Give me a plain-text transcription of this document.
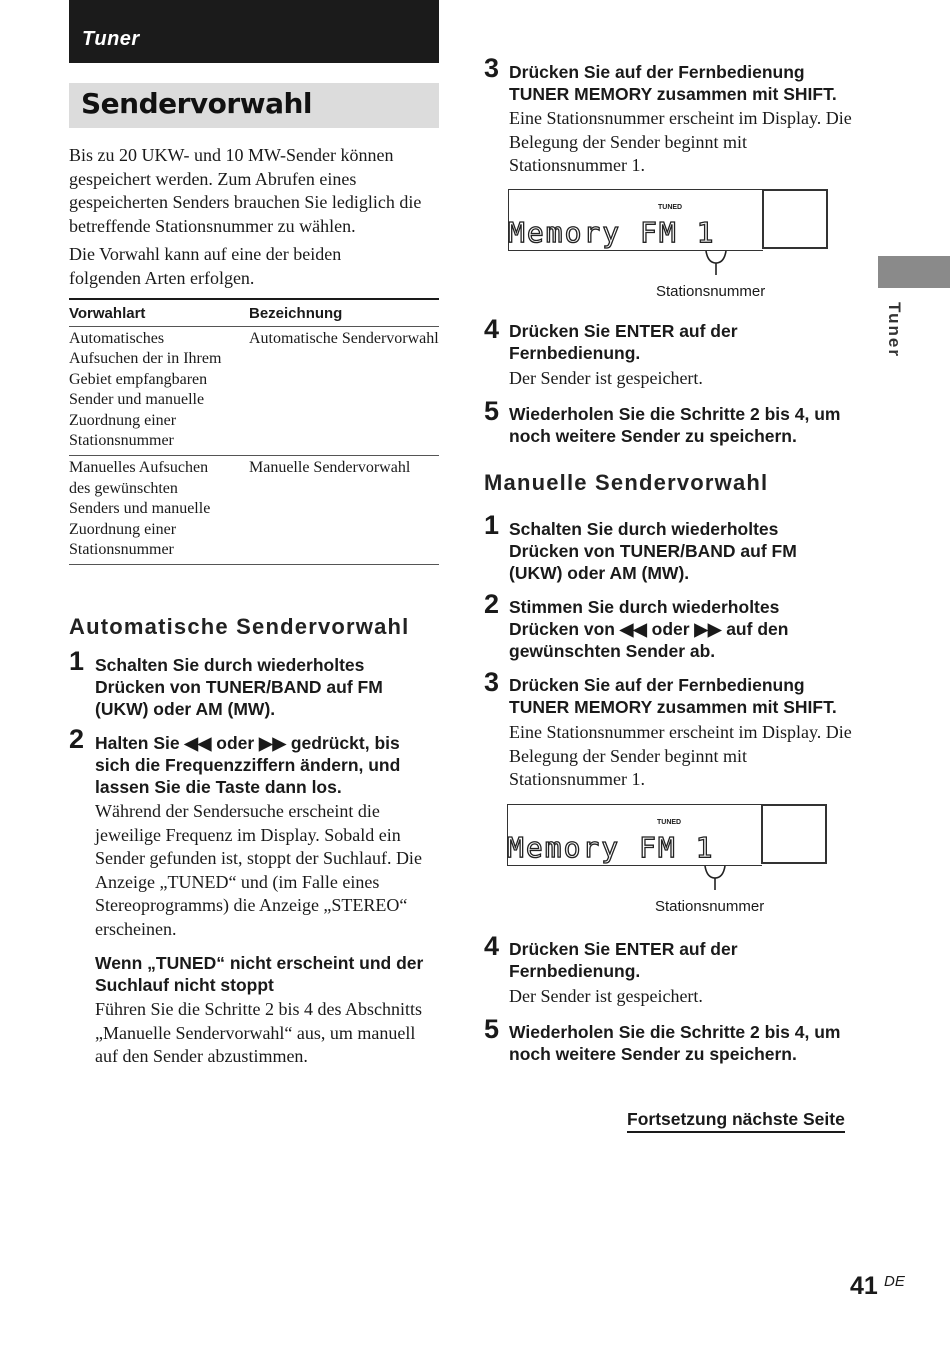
Tuner
Sendervorwahl
Tuner
Bis zu 20 UKW- und 10 MW-Sender können gespeichert werden. Zum Abrufen eines gespeicherten Senders brauchen Sie lediglich die betreffende Stationsnummer zu wählen.
Die Vorwahl kann auf eine der beiden folgenden Arten erfolgen.
Vorwahlart	Bezeichnung
Automatisches Aufsuchen der in Ihrem Gebiet empfangbaren Sender und manuelle Zuordnung einer Stationsnummer
Automatische Sendervorwahl
Manuelles Aufsuchen des gewünschten Senders und manuelle Zuordnung einer Stationsnummer
Manuelle Sendervorwahl
Automatische Sendervorwahl
1 Schalten Sie durch wiederholtes Drücken von TUNER/BAND auf FM (UKW) oder AM (MW).
2 Halten Sie ◀◀ oder ▶▶ gedrückt, bis sich die Frequenzziffern ändern, und lassen Sie die Taste dann los.
Während der Sendersuche erscheint die jeweilige Frequenz im Display. Sobald ein Sender gefunden ist, stoppt der Suchlauf. Die Anzeige „TUNED“ und (im Falle eines Stereoprogramms) die Anzeige „STEREO“ erscheinen.
Wenn „TUNED“ nicht erscheint und der Suchlauf nicht stoppt
Führen Sie die Schritte 2 bis 4 des Abschnitts „Manuelle Sendervorwahl“ aus, um manuell auf den Sender abzustimmen.
3 Drücken Sie auf der Fernbedienung TUNER MEMORY zusammen mit SHIFT.
Eine Stationsnummer erscheint im Display. Die Belegung der Sender beginnt mit Stationsnummer 1.
TUNED
Memory FM 1
Stationsnummer
4 Drücken Sie ENTER auf der Fernbedienung.
Der Sender ist gespeichert.
5 Wiederholen Sie die Schritte 2 bis 4, um noch weitere Sender zu speichern.
Manuelle Sendervorwahl
1 Schalten Sie durch wiederholtes Drücken von TUNER/BAND auf FM (UKW) oder AM (MW).
2 Stimmen Sie durch wiederholtes Drücken von ◀◀ oder ▶▶ auf den gewünschten Sender ab.
3 Drücken Sie auf der Fernbedienung TUNER MEMORY zusammen mit SHIFT.
Eine Stationsnummer erscheint im Display. Die Belegung der Sender beginnt mit Stationsnummer 1.
TUNED
Memory FM 1
Stationsnummer
4 Drücken Sie ENTER auf der Fernbedienung.
Der Sender ist gespeichert.
5 Wiederholen Sie die Schritte 2 bis 4, um noch weitere Sender zu speichern.
Fortsetzung nächste Seite
41 DE
